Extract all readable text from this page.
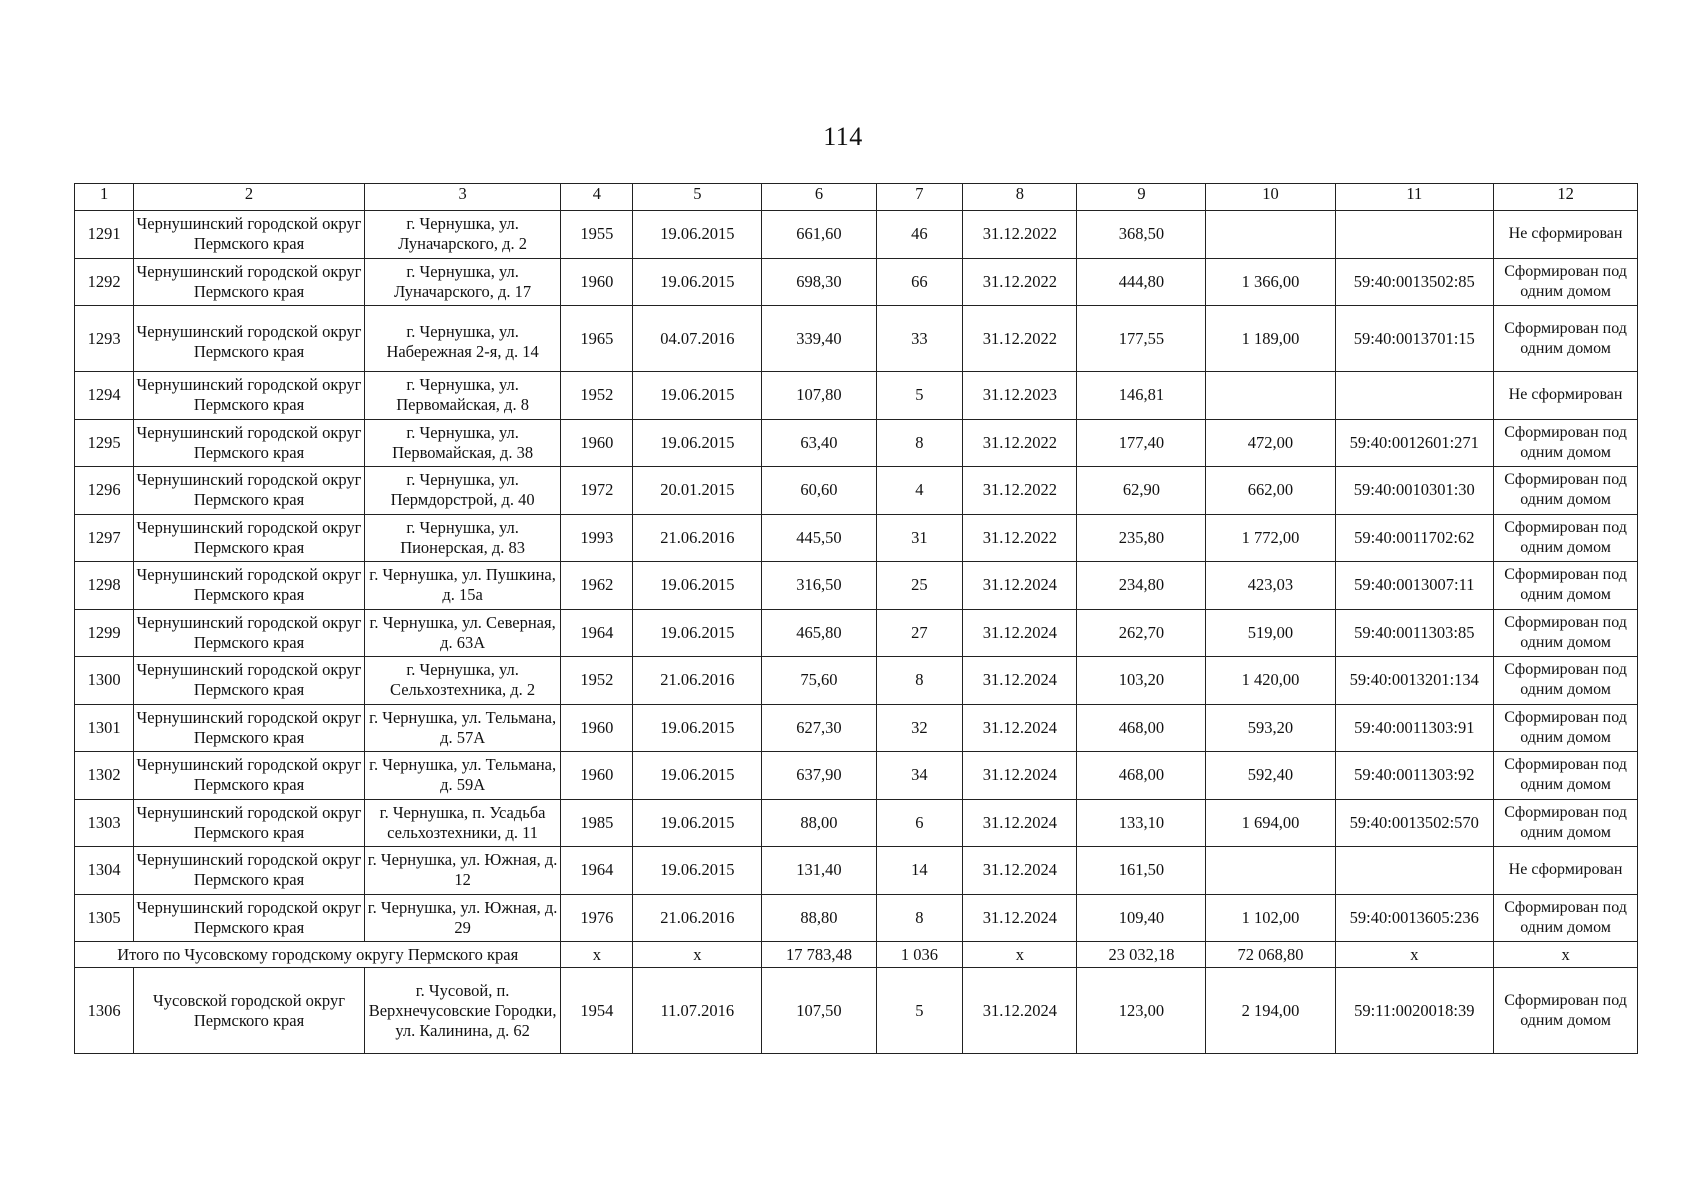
114
1	2	3	4	5	6	7	8	9	10	11	12
1291	Чернушинский городской округ Пермского края	г. Чернушка, ул. Луначарского, д. 2	1955	19.06.2015	661,60	46	31.12.2022	368,50			Не сформирован
1292	Чернушинский городской округ Пермского края	г. Чернушка, ул. Луначарского, д. 17	1960	19.06.2015	698,30	66	31.12.2022	444,80	1 366,00	59:40:0013502:85	Сформирован под одним домом
1293	Чернушинский городской округ Пермского края	г. Чернушка, ул. Набережная 2-я, д. 14	1965	04.07.2016	339,40	33	31.12.2022	177,55	1 189,00	59:40:0013701:15	Сформирован под одним домом
1294	Чернушинский городской округ Пермского края	г. Чернушка, ул. Первомайская, д. 8	1952	19.06.2015	107,80	5	31.12.2023	146,81			Не сформирован
1295	Чернушинский городской округ Пермского края	г. Чернушка, ул. Первомайская, д. 38	1960	19.06.2015	63,40	8	31.12.2022	177,40	472,00	59:40:0012601:271	Сформирован под одним домом
1296	Чернушинский городской округ Пермского края	г. Чернушка, ул. Пермдорстрой, д. 40	1972	20.01.2015	60,60	4	31.12.2022	62,90	662,00	59:40:0010301:30	Сформирован под одним домом
1297	Чернушинский городской округ Пермского края	г. Чернушка, ул. Пионерская, д. 83	1993	21.06.2016	445,50	31	31.12.2022	235,80	1 772,00	59:40:0011702:62	Сформирован под одним домом
1298	Чернушинский городской округ Пермского края	г. Чернушка, ул. Пушкина, д. 15а	1962	19.06.2015	316,50	25	31.12.2024	234,80	423,03	59:40:0013007:11	Сформирован под одним домом
1299	Чернушинский городской округ Пермского края	г. Чернушка, ул. Северная, д. 63А	1964	19.06.2015	465,80	27	31.12.2024	262,70	519,00	59:40:0011303:85	Сформирован под одним домом
1300	Чернушинский городской округ Пермского края	г. Чернушка, ул. Сельхозтехника, д. 2	1952	21.06.2016	75,60	8	31.12.2024	103,20	1 420,00	59:40:0013201:134	Сформирован под одним домом
1301	Чернушинский городской округ Пермского края	г. Чернушка, ул. Тельмана, д. 57А	1960	19.06.2015	627,30	32	31.12.2024	468,00	593,20	59:40:0011303:91	Сформирован под одним домом
1302	Чернушинский городской округ Пермского края	г. Чернушка, ул. Тельмана, д. 59А	1960	19.06.2015	637,90	34	31.12.2024	468,00	592,40	59:40:0011303:92	Сформирован под одним домом
1303	Чернушинский городской округ Пермского края	г. Чернушка, п. Усадьба сельхозтехники, д. 11	1985	19.06.2015	88,00	6	31.12.2024	133,10	1 694,00	59:40:0013502:570	Сформирован под одним домом
1304	Чернушинский городской округ Пермского края	г. Чернушка, ул. Южная, д. 12	1964	19.06.2015	131,40	14	31.12.2024	161,50			Не сформирован
1305	Чернушинский городской округ Пермского края	г. Чернушка, ул. Южная, д. 29	1976	21.06.2016	88,80	8	31.12.2024	109,40	1 102,00	59:40:0013605:236	Сформирован под одним домом
Итого по Чусовскому городскому округу Пермского края			x	x	17 783,48	1 036	x	23 032,18	72 068,80	x	x
1306	Чусовской городской округ Пермского края	г. Чусовой, п. Верхнечусовские Городки, ул. Калинина, д. 62	1954	11.07.2016	107,50	5	31.12.2024	123,00	2 194,00	59:11:0020018:39	Сформирован под одним домом
